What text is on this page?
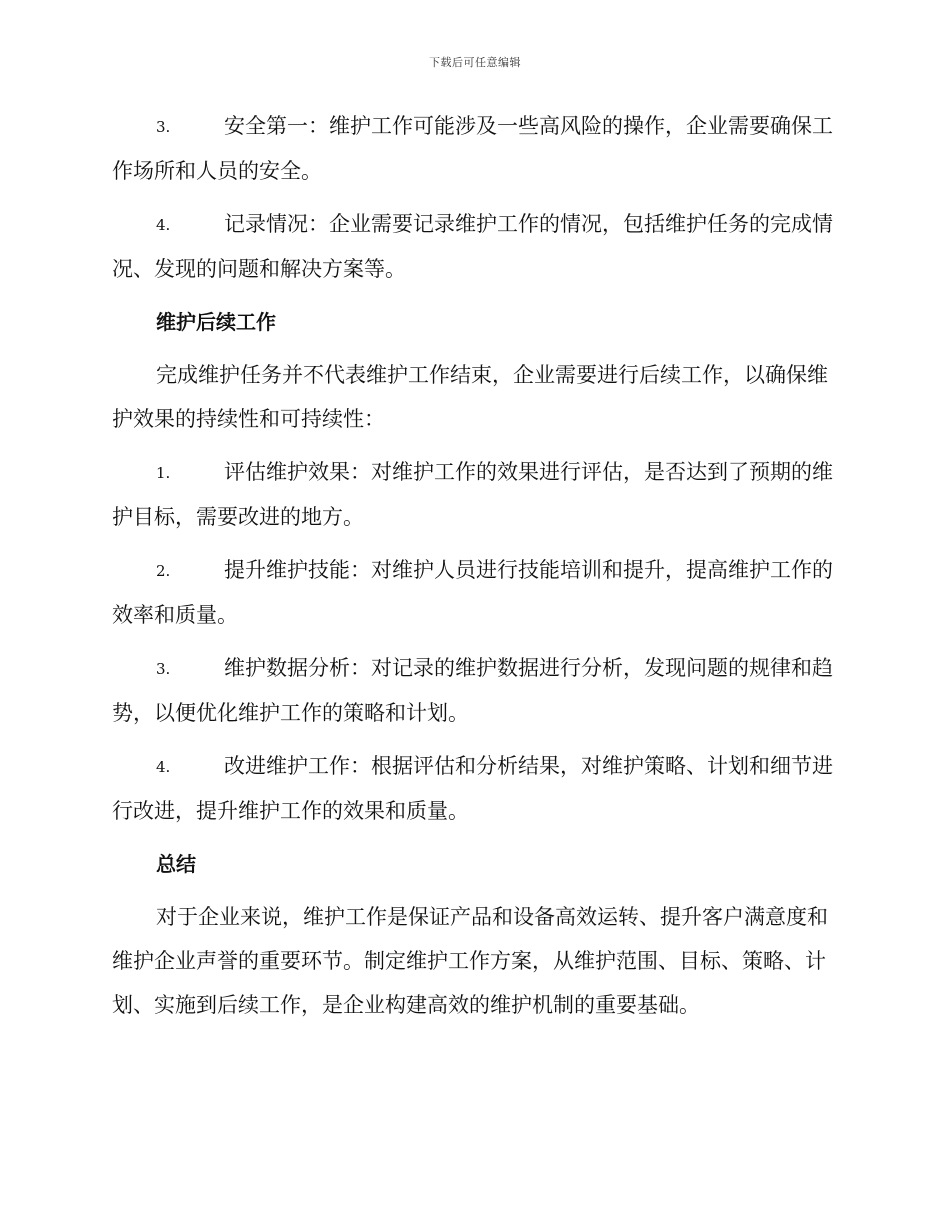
下载后可任意编辑

3.	安全第一：维护工作可能涉及一些高风险的操作，企业需要确保工作场所和人员的安全。

4.	记录情况：企业需要记录维护工作的情况，包括维护任务的完成情况、发现的问题和解决方案等。

维护后续工作

完成维护任务并不代表维护工作结束，企业需要进行后续工作，以确保维护效果的持续性和可持续性：

1.	评估维护效果：对维护工作的效果进行评估，是否达到了预期的维护目标，需要改进的地方。

2.	提升维护技能：对维护人员进行技能培训和提升，提高维护工作的效率和质量。

3.	维护数据分析：对记录的维护数据进行分析，发现问题的规律和趋势，以便优化维护工作的策略和计划。

4.	改进维护工作：根据评估和分析结果，对维护策略、计划和细节进行改进，提升维护工作的效果和质量。

总结

对于企业来说，维护工作是保证产品和设备高效运转、提升客户满意度和维护企业声誉的重要环节。制定维护工作方案，从维护范围、目标、策略、计划、实施到后续工作，是企业构建高效的维护机制的重要基础。
